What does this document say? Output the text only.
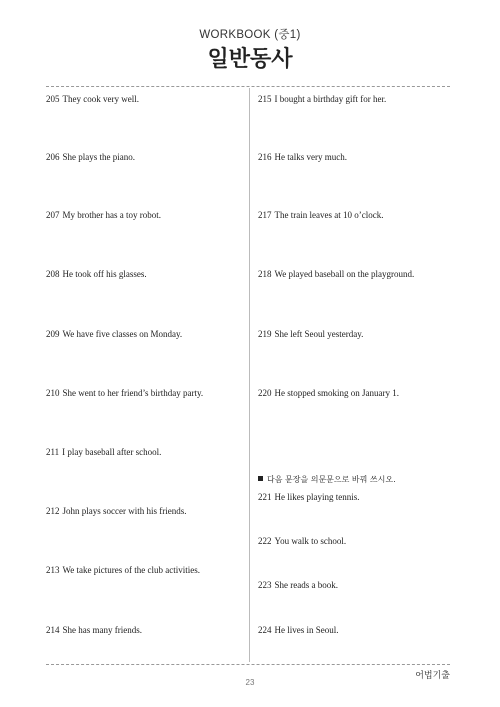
WORKBOOK (중1)
일반동사
205 They cook very well.
206 She plays the piano.
207 My brother has a toy robot.
208 He took off his glasses.
209 We have five classes on Monday.
210 She went to her friend’s birthday party.
211 I play baseball after school.
212 John plays soccer with his friends.
213 We take pictures of the club activities.
214 She has many friends.
215 I bought a birthday gift for her.
216 He talks very much.
217 The train leaves at 10 o’clock.
218 We played baseball on the playground.
219 She left Seoul yesterday.
220 He stopped smoking on January 1.
다음 문장을 의문문으로 바꿔 쓰시오.
221 He likes playing tennis.
222 You walk to school.
223 She reads a book.
224 He lives in Seoul.
23
어법기출
